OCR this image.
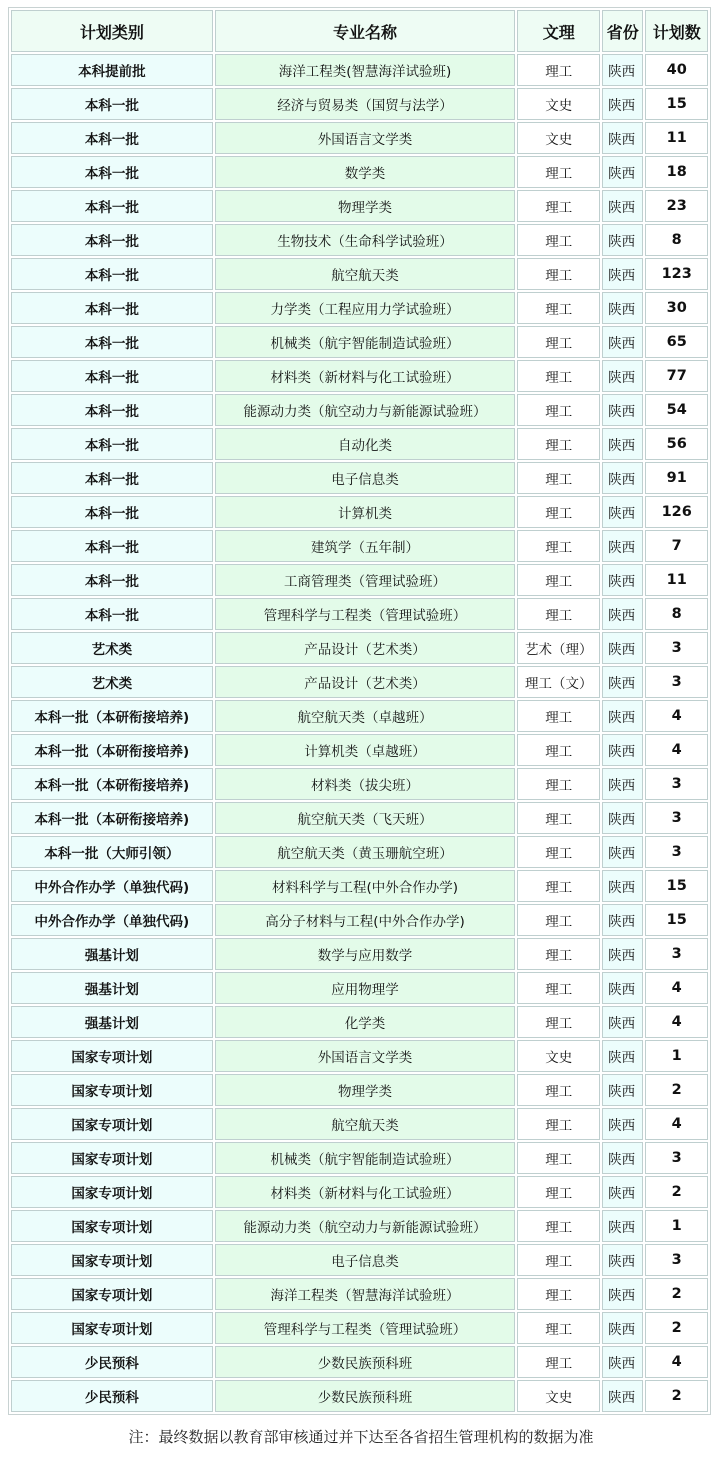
计划类别	专业名称	文理	省份	计划数
本科提前批	海洋工程类(智慧海洋试验班)	理工	陕西	40
本科一批	经济与贸易类（国贸与法学）	文史	陕西	15
本科一批	外国语言文学类	文史	陕西	11
本科一批	数学类	理工	陕西	18
本科一批	物理学类	理工	陕西	23
本科一批	生物技术（生命科学试验班）	理工	陕西	8
本科一批	航空航天类	理工	陕西	123
本科一批	力学类（工程应用力学试验班）	理工	陕西	30
本科一批	机械类（航宇智能制造试验班）	理工	陕西	65
本科一批	材料类（新材料与化工试验班）	理工	陕西	77
本科一批	能源动力类（航空动力与新能源试验班）	理工	陕西	54
本科一批	自动化类	理工	陕西	56
本科一批	电子信息类	理工	陕西	91
本科一批	计算机类	理工	陕西	126
本科一批	建筑学（五年制）	理工	陕西	7
本科一批	工商管理类（管理试验班）	理工	陕西	11
本科一批	管理科学与工程类（管理试验班）	理工	陕西	8
艺术类	产品设计（艺术类）	艺术（理）	陕西	3
艺术类	产品设计（艺术类）	理工（文）	陕西	3
本科一批（本研衔接培养)	航空航天类（卓越班）	理工	陕西	4
本科一批（本研衔接培养)	计算机类（卓越班）	理工	陕西	4
本科一批（本研衔接培养)	材料类（拔尖班）	理工	陕西	3
本科一批（本研衔接培养)	航空航天类（飞天班）	理工	陕西	3
本科一批（大师引领）	航空航天类（黄玉珊航空班）	理工	陕西	3
中外合作办学（单独代码)	材料科学与工程(中外合作办学)	理工	陕西	15
中外合作办学（单独代码)	高分子材料与工程(中外合作办学)	理工	陕西	15
强基计划	数学与应用数学	理工	陕西	3
强基计划	应用物理学	理工	陕西	4
强基计划	化学类	理工	陕西	4
国家专项计划	外国语言文学类	文史	陕西	1
国家专项计划	物理学类	理工	陕西	2
国家专项计划	航空航天类	理工	陕西	4
国家专项计划	机械类（航宇智能制造试验班）	理工	陕西	3
国家专项计划	材料类（新材料与化工试验班）	理工	陕西	2
国家专项计划	能源动力类（航空动力与新能源试验班）	理工	陕西	1
国家专项计划	电子信息类	理工	陕西	3
国家专项计划	海洋工程类（智慧海洋试验班）	理工	陕西	2
国家专项计划	管理科学与工程类（管理试验班）	理工	陕西	2
少民预科	少数民族预科班	理工	陕西	4
少民预科	少数民族预科班	文史	陕西	2
注：最终数据以教育部审核通过并下达至各省招生管理机构的数据为准
